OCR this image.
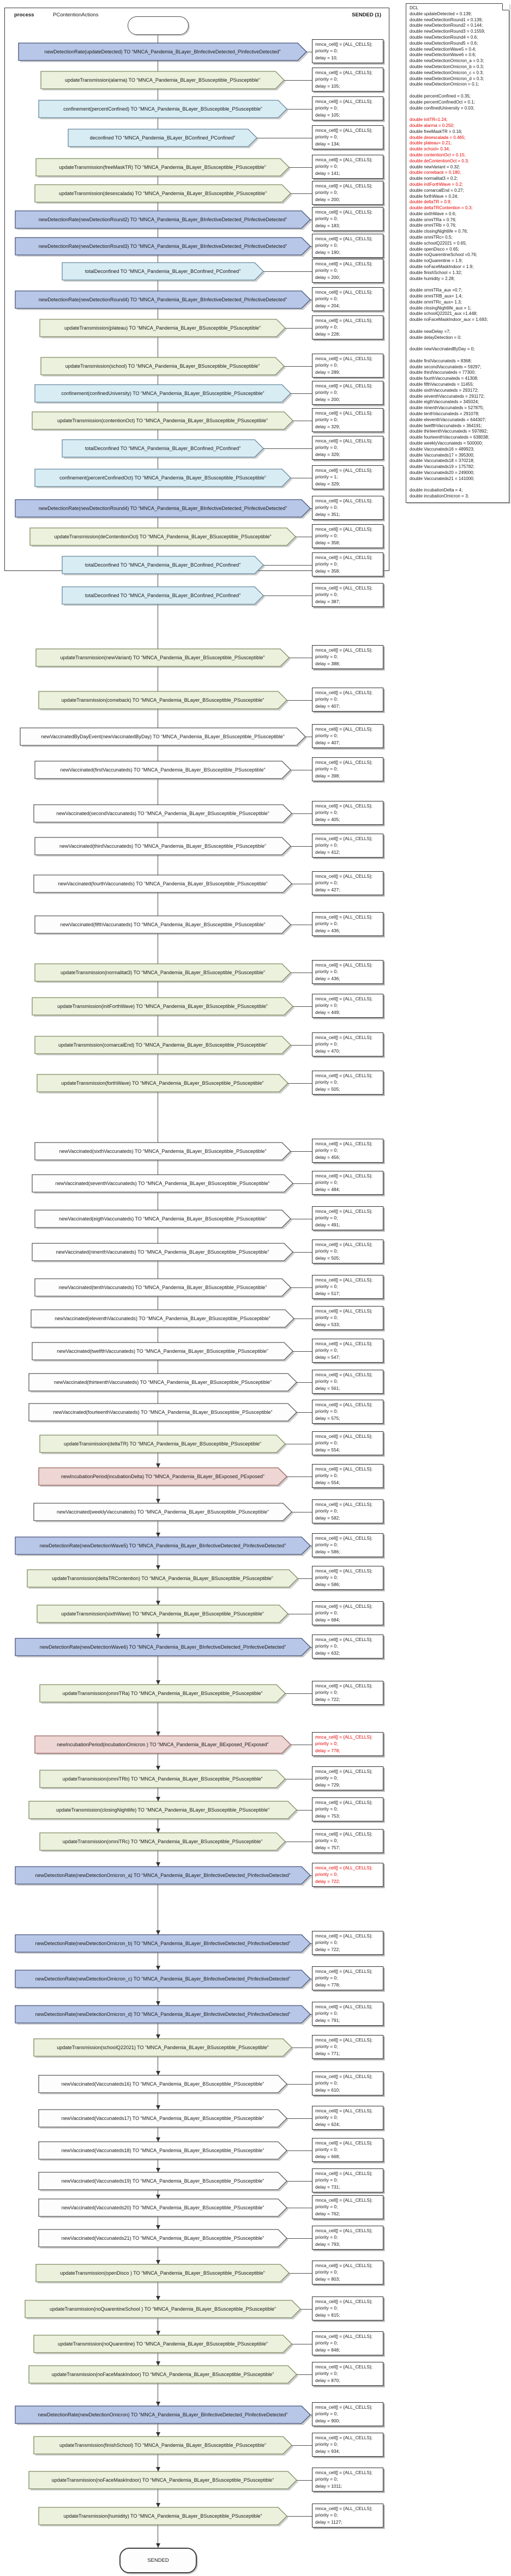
process	PContentionActions	SENDED (1)
newDetectionRate(updateDetected) TO “MNCA_Pandemia_BLayer_BInfectiveDetected_PInfectiveDetected”
mnca_cell[] = {ALL_CELLS};
priority = 0;
delay = 10;
updateTransmission(alarma) TO “MNCA_Pandemia_BLayer_BSusceptible_PSusceptible”
mnca_cell[] = {ALL_CELLS};
priority = 0;
delay = 105;
confinement(percentConfined) TO “MNCA_Pandemia_BLayer_BSusceptible_PSusceptible”
mnca_cell[] = {ALL_CELLS};
priority = 0;
delay = 105;
deconfined TO “MNCA_Pandemia_BLayer_BConfined_PConfined”
mnca_cell[] = {ALL_CELLS};
priority = 0;
delay = 134;
updateTransmission(freeMaskTR) TO “MNCA_Pandemia_BLayer_BSusceptible_PSusceptible”
mnca_cell[] = {ALL_CELLS};
priority = 0;
delay = 141;
updateTransmission(desescalada) TO “MNCA_Pandemia_BLayer_BSusceptible_PSusceptible”
mnca_cell[] = {ALL_CELLS};
priority = 0;
delay = 200;
newDetectionRate(newDetectionRound2) TO “MNCA_Pandemia_BLayer_BInfectiveDetected_PInfectiveDetected”
mnca_cell[] = {ALL_CELLS};
priority = 0;
delay = 183;
newDetectionRate(newDetectionRound3) TO “MNCA_Pandemia_BLayer_BInfectiveDetected_PInfectiveDetected”
mnca_cell[] = {ALL_CELLS};
priority = 0;
delay = 190;
totalDeconfined TO “MNCA_Pandemia_BLayer_BConfined_PConfined”
mnca_cell[] = {ALL_CELLS};
priority = 0;
delay = 200;
newDetectionRate(newDetectionRound4) TO “MNCA_Pandemia_BLayer_BInfectiveDetected_PInfectiveDetected”
mnca_cell[] = {ALL_CELLS};
priority = 0;
delay = 204;
updateTransmission(plateau) TO “MNCA_Pandemia_BLayer_BSusceptible_PSusceptible”
mnca_cell[] = {ALL_CELLS};
priority = 0;
delay = 228;
updateTransmission(school) TO “MNCA_Pandemia_BLayer_BSusceptible_PSusceptible”
mnca_cell[] = {ALL_CELLS};
priority = 0;
delay = 289;
confinement(confinedUniversity) TO “MNCA_Pandemia_BLayer_BSusceptible_PSusceptible”
mnca_cell[] = {ALL_CELLS};
priority = 0;
delay = 200;
updateTransmission(contentionOct) TO “MNCA_Pandemia_BLayer_BSusceptible_PSusceptible”
mnca_cell[] = {ALL_CELLS};
priority = 0;
delay = 329;
totalDeconfined TO “MNCA_Pandemia_BLayer_BConfined_PConfined”
mnca_cell[] = {ALL_CELLS};
priority = 0;
delay = 329;
confinement(percentConfinedOct) TO “MNCA_Pandemia_BLayer_BSusceptible_PSusceptible”
mnca_cell[] = {ALL_CELLS};
priority = 1;
delay = 329;
newDetectionRate(newDetectionRound4) TO “MNCA_Pandemia_BLayer_BInfectiveDetected_PInfectiveDetected”
mnca_cell[] = {ALL_CELLS};
priority = 0;
delay = 351;
updateTransmission(deContentionOct) TO “MNCA_Pandemia_BLayer_BSusceptible_PSusceptible”
mnca_cell[] = {ALL_CELLS};
priority = 0;
delay = 358;
totalDeconfined TO “MNCA_Pandemia_BLayer_BConfined_PConfined”
mnca_cell[] = {ALL_CELLS};
priority = 0;
delay = 358;
totalDeconfined TO “MNCA_Pandemia_BLayer_BConfined_PConfined”
mnca_cell[] = {ALL_CELLS};
priority = 0;
delay = 387;
updateTransmission(newVariant) TO “MNCA_Pandemia_BLayer_BSusceptible_PSusceptible”
mnca_cell[] = {ALL_CELLS};
priority = 0;
delay = 388;
updateTransmission(comeback) TO “MNCA_Pandemia_BLayer_BSusceptible_PSusceptible”
mnca_cell[] = {ALL_CELLS};
priority = 0;
delay = 407;
newVaccinatedByDayEvent(newVaccinatedByDay) TO “MNCA_Pandemia_BLayer_BSusceptible_PSusceptible”
mnca_cell[] = {ALL_CELLS};
priority = 0;
delay = 407;
newVaccinated(firstVaccunateds) TO “MNCA_Pandemia_BLayer_BSusceptible_PSusceptible”
mnca_cell[] = {ALL_CELLS};
priority = 0;
delay = 398;
newVaccinated(secondVaccunateds) TO “MNCA_Pandemia_BLayer_BSusceptible_PSusceptible”
mnca_cell[] = {ALL_CELLS};
priority = 0;
delay = 405;
newVaccinated(thirdVaccunateds) TO “MNCA_Pandemia_BLayer_BSusceptible_PSusceptible”
mnca_cell[] = {ALL_CELLS};
priority = 0;
delay = 412;
newVaccinated(fourthVaccunateds) TO “MNCA_Pandemia_BLayer_BSusceptible_PSusceptible”
mnca_cell[] = {ALL_CELLS};
priority = 0;
delay = 427;
newVaccinated(fifthVaccunateds) TO “MNCA_Pandemia_BLayer_BSusceptible_PSusceptible”
mnca_cell[] = {ALL_CELLS};
priority = 0;
delay = 436;
updateTransmission(normalitat3) TO “MNCA_Pandemia_BLayer_BSusceptible_PSusceptible”
mnca_cell[] = {ALL_CELLS};
priority = 0;
delay = 436;
updateTransmission(initForthWave) TO “MNCA_Pandemia_BLayer_BSusceptible_PSusceptible”
mnca_cell[] = {ALL_CELLS};
priority = 0;
delay = 449;
updateTransmission(comarcalEnd) TO “MNCA_Pandemia_BLayer_BSusceptible_PSusceptible”
mnca_cell[] = {ALL_CELLS};
priority = 0;
delay = 470;
updateTransmission(forthWave) TO “MNCA_Pandemia_BLayer_BSusceptible_PSusceptible”
mnca_cell[] = {ALL_CELLS};
priority = 0;
delay = 505;
newVaccinated(sixthVaccunateds) TO “MNCA_Pandemia_BLayer_BSusceptible_PSusceptible”
mnca_cell[] = {ALL_CELLS};
priority = 0;
delay = 456;
newVaccinated(seventhVaccunateds) TO “MNCA_Pandemia_BLayer_BSusceptible_PSusceptible”
mnca_cell[] = {ALL_CELLS};
priority = 0;
delay = 484;
newVaccinated(eigthVaccunateds) TO “MNCA_Pandemia_BLayer_BSusceptible_PSusceptible”
mnca_cell[] = {ALL_CELLS};
priority = 0;
delay = 491;
newVaccinated(ninenthVaccunateds) TO “MNCA_Pandemia_BLayer_BSusceptible_PSusceptible”
mnca_cell[] = {ALL_CELLS};
priority = 0;
delay = 505;
newVaccinated(tenthVaccunateds) TO “MNCA_Pandemia_BLayer_BSusceptible_PSusceptible”
mnca_cell[] = {ALL_CELLS};
priority = 0;
delay = 517;
newVaccinated(eleventhVaccunateds) TO “MNCA_Pandemia_BLayer_BSusceptible_PSusceptible”
mnca_cell[] = {ALL_CELLS};
priority = 0;
delay = 533;
newVaccinated(twelfthVaccunateds) TO “MNCA_Pandemia_BLayer_BSusceptible_PSusceptible”
mnca_cell[] = {ALL_CELLS};
priority = 0;
delay = 547;
newVaccinated(thirteenthVaccunateds) TO “MNCA_Pandemia_BLayer_BSusceptible_PSusceptible”
mnca_cell[] = {ALL_CELLS};
priority = 0;
delay = 561;
newVaccinated(fourteenthVaccunateds) TO “MNCA_Pandemia_BLayer_BSusceptible_PSusceptible”
mnca_cell[] = {ALL_CELLS};
priority = 0;
delay = 575;
updateTransmission(deltaTR) TO “MNCA_Pandemia_BLayer_BSusceptible_PSusceptible”
mnca_cell[] = {ALL_CELLS};
priority = 0;
delay = 554;
newIncubationPeriod(incubationDelta) TO “MNCA_Pandemia_BLayer_BExposed_PExposed”
mnca_cell[] = {ALL_CELLS};
priority = 0;
delay = 554;
newVaccinated(weeklyVaccunateds) TO “MNCA_Pandemia_BLayer_BSusceptible_PSusceptible”
mnca_cell[] = {ALL_CELLS};
priority = 0;
delay = 582;
newDetectionRate(newDetectionWave5) TO “MNCA_Pandemia_BLayer_BInfectiveDetected_PInfectiveDetected”
mnca_cell[] = {ALL_CELLS};
priority = 0;
delay = 586;
updateTransmission(deltaTRContention) TO “MNCA_Pandemia_BLayer_BSusceptible_PSusceptible”
mnca_cell[] = {ALL_CELLS};
priority = 0;
delay = 586;
updateTransmission(sixthWave) TO “MNCA_Pandemia_BLayer_BSusceptible_PSusceptible”
mnca_cell[] = {ALL_CELLS};
priority = 0;
delay = 684;
newDetectionRate(newDetectionWave6) TO “MNCA_Pandemia_BLayer_BInfectiveDetected_PInfectiveDetected”
mnca_cell[] = {ALL_CELLS};
priority = 0;
delay = 632;
updateTransmission(omniTRa) TO “MNCA_Pandemia_BLayer_BSusceptible_PSusceptible”
mnca_cell[] = {ALL_CELLS};
priority = 0;
delay = 722;
newIncubationPeriod(incubationOmicron ) TO “MNCA_Pandemia_BLayer_BExposed_PExposed”
mnca_cell[] = {ALL_CELLS};
priority = 0;
delay = 778;
updateTransmission(omniTRb) TO “MNCA_Pandemia_BLayer_BSusceptible_PSusceptible”
mnca_cell[] = {ALL_CELLS};
priority = 0;
delay = 729;
updateTransmission(closingNightlife) TO “MNCA_Pandemia_BLayer_BSusceptible_PSusceptible”
mnca_cell[] = {ALL_CELLS};
priority = 0;
delay = 753;
updateTransmission(omniTRc) TO “MNCA_Pandemia_BLayer_BSusceptible_PSusceptible”
mnca_cell[] = {ALL_CELLS};
priority = 0;
delay = 757;
newDetectionRate(newDetectionOmicron_a) TO “MNCA_Pandemia_BLayer_BInfectiveDetected_PInfectiveDetected”
mnca_cell[] = {ALL_CELLS};
priority = 0;
delay = 722;
newDetectionRate(newDetectionOmicron_b) TO “MNCA_Pandemia_BLayer_BInfectiveDetected_PInfectiveDetected”
mnca_cell[] = {ALL_CELLS};
priority = 0;
delay = 722;
newDetectionRate(newDetectionOmicron_c) TO “MNCA_Pandemia_BLayer_BInfectiveDetected_PInfectiveDetected”
mnca_cell[] = {ALL_CELLS};
priority = 0;
delay = 778;
newDetectionRate(newDetectionOmicron_d) TO “MNCA_Pandemia_BLayer_BInfectiveDetected_PInfectiveDetected”
mnca_cell[] = {ALL_CELLS};
priority = 0;
delay = 791;
updateTransmission(schoolQ22021) TO “MNCA_Pandemia_BLayer_BSusceptible_PSusceptible”
mnca_cell[] = {ALL_CELLS};
priority = 0;
delay = 771;
newVaccinated(Vaccunateds16) TO “MNCA_Pandemia_BLayer_BSusceptible_PSusceptible”
mnca_cell[] = {ALL_CELLS};
priority = 0;
delay = 610;
newVaccinated(Vaccunateds17) TO “MNCA_Pandemia_BLayer_BSusceptible_PSusceptible”
mnca_cell[] = {ALL_CELLS};
priority = 0;
delay = 624;
newVaccinated(Vaccunateds18) TO “MNCA_Pandemia_BLayer_BSusceptible_PSusceptible”
mnca_cell[] = {ALL_CELLS};
priority = 0;
delay = 668;
newVaccinated(Vaccunateds19) TO “MNCA_Pandemia_BLayer_BSusceptible_PSusceptible”
mnca_cell[] = {ALL_CELLS};
priority = 0;
delay = 731;
newVaccinated(Vaccunateds20) TO “MNCA_Pandemia_BLayer_BSusceptible_PSusceptible”
mnca_cell[] = {ALL_CELLS};
priority = 0;
delay = 762;
newVaccinated(Vaccunateds21) TO “MNCA_Pandemia_BLayer_BSusceptible_PSusceptible”
mnca_cell[] = {ALL_CELLS};
priority = 0;
delay = 793;
updateTransmission(openDisco ) TO “MNCA_Pandemia_BLayer_BSusceptible_PSusceptible”
mnca_cell[] = {ALL_CELLS};
priority = 0;
delay = 803;
updateTransmission(noQuarentineSchool ) TO “MNCA_Pandemia_BLayer_BSusceptible_PSusceptible”
mnca_cell[] = {ALL_CELLS};
priority = 0;
delay = 815;
updateTransmission(noQuarentine) TO “MNCA_Pandemia_BLayer_BSusceptible_PSusceptible”
mnca_cell[] = {ALL_CELLS};
priority = 0;
delay = 848;
updateTransmission(noFaceMaskIndoor) TO “MNCA_Pandemia_BLayer_BSusceptible_PSusceptible”
mnca_cell[] = {ALL_CELLS};
priority = 0;
delay = 870;
newDetectionRate(newDetectionOmicron) TO “MNCA_Pandemia_BLayer_BInfectiveDetected_PInfectiveDetected”
mnca_cell[] = {ALL_CELLS};
priority = 0;
delay = 900;
updateTransmission(finishSchool) TO “MNCA_Pandemia_BLayer_BSusceptible_PSusceptible”
mnca_cell[] = {ALL_CELLS};
priority = 0;
delay = 934;
updateTransmission(noFaceMaskIndoor) TO “MNCA_Pandemia_BLayer_BSusceptible_PSusceptible”
mnca_cell[] = {ALL_CELLS};
priority = 0;
delay = 1011;
updateTransmission(humidity) TO “MNCA_Pandemia_BLayer_BSusceptible_PSusceptible”
mnca_cell[] = {ALL_CELLS};
priority = 0;
delay = 1127;
SENDED
DCL
double updateDetected = 0.139;
double newDetectionRound1 = 0.139;
double newDetectionRound2 = 0.144;
double newDetectionRound3 = 0.1559;
double newDetectionRound4 = 0.6;
double newDetectionRound5 = 0.6;
double newDetectionWave5 = 0.4;
double newDetectionWave6 = 0.6;
double newDetectionOmicron_a = 0.3;
double newDetectionOmicron_b = 0.3;
double newDetectionOmicron_c = 0.3;
double newDetectionOmicron_d = 0.3;
double newDetectionOmicron = 0.1;

double percentConfined = 0.35;
double percentConfinedOct = 0.1;
double confinedUniversity = 0.03;

double initTR=1.24;
double alarma = 0.250;
double freeMaskTR = 0.16;
double desescalada = 0.465;
double plateau= 0.21;
double school= 0.34;
double contentionOct = 0.15;
double deContentionOct = 0.3;
double newVariant = 0.32;
double comeback = 0.180;
double normalitat3 = 0.2;
double initForthWave = 0.2;
double comarcalEnd = 0.27;
double forthWave = 0.24;
double deltaTR = 0.9;
double deltaTRContention = 0.3;
double sixthWave = 0.6;
double omniTRa = 0.76;
double omniTRb = 0.76;
double closingNightlife = 0.76;
double omniTRc= 0.5;
double schoolQ22021 = 0.65;
double openDisco = 0.65;
double noQuarentineSchool =0.76;
double noQuarentine = 1.9;
double noFaceMaskIndoor = 1.9;
double finishSchool = 1.32;
double humidity = 2.28;

double omniTRa_aux =0.7;
double omniTRB_aux= 1.4;
double omniTRc_aux= 1.3;
double closingNightlife_aux = 1;
double schoolQ22021_aux =1.448;
double noFaceMaskIndoor_aux = 1.693;

double newDelay =7;
double delayDetection = 0;

double newVaccinatedByDay = 0;

double firstVaccunateds = 8368;
double secondVaccunateds = 59297;
double thirdVaccunateds = 77300;
double fourthVaccunateds = 41308;
double fifthVaccunateds = 11455;
double sixthVaccunateds = 293172;
double seventhVaccunateds = 291172;
double eigthVaccunateds = 345024;
double ninenthVaccunateds = 527875;
double tenthVaccunateds = 291078;
double eleventhVaccunateds = 644307;
double twelfthVaccunateds = 364191;
double thirteenthVaccunateds = 597892;
double fourteenthVaccunateds = 638038;
double weeklyVaccunateds = 500000;
double Vaccunateds16 = 489923;
double Vaccunateds17 = 395300;
double Vaccunateds18 = 370218;
double Vaccunateds19 = 175782;
double Vaccunateds20 = 249000;
double Vaccunateds21 = 141000;

double incubationDelta = 4;
double incubationOmicron = 3;
